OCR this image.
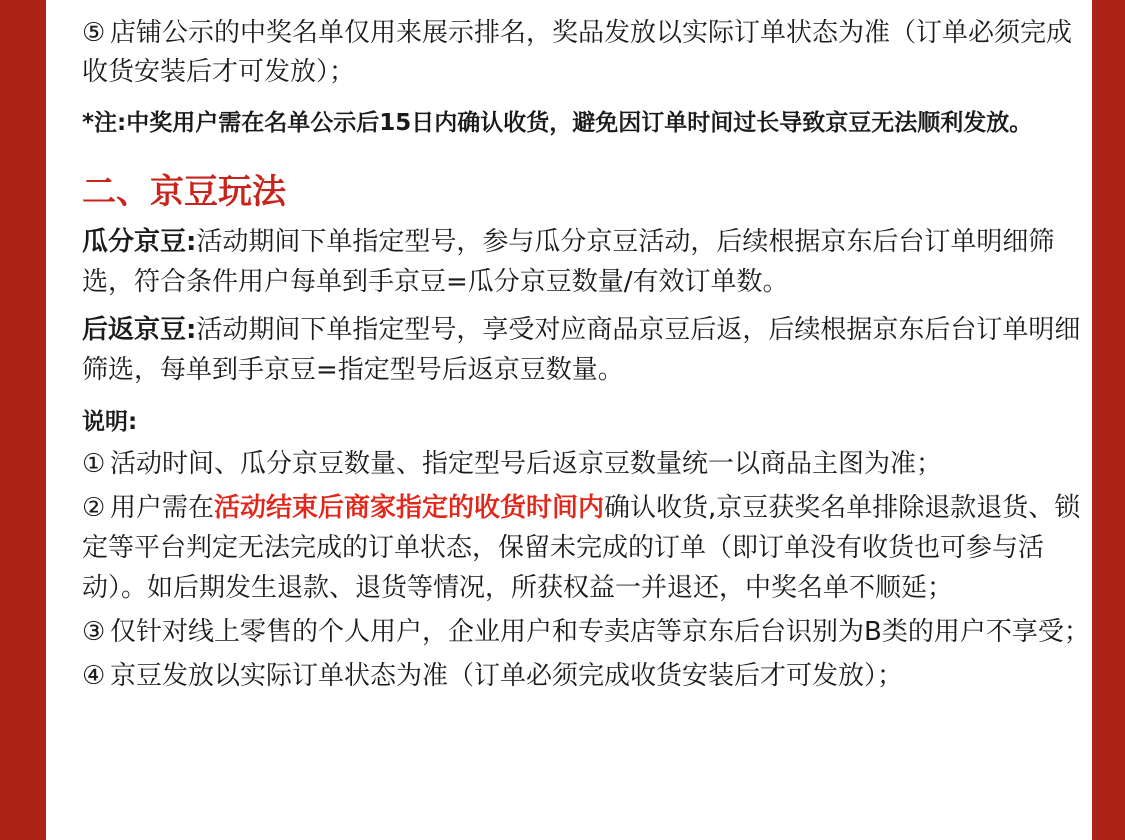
⑤ 店铺公示的中奖名单仅用来展示排名，奖品发放以实际订单状态为准（订单必须完成收货安装后才可发放）；
*注:中奖用户需在名单公示后15日内确认收货，避免因订单时间过长导致京豆无法顺利发放。
二、京豆玩法
瓜分京豆:活动期间下单指定型号，参与瓜分京豆活动，后续根据京东后台订单明细筛选，符合条件用户每单到手京豆=瓜分京豆数量/有效订单数。
后返京豆:活动期间下单指定型号，享受对应商品京豆后返，后续根据京东后台订单明细筛选，每单到手京豆=指定型号后返京豆数量。
说明:
① 活动时间、瓜分京豆数量、指定型号后返京豆数量统一以商品主图为准；
② 用户需在活动结束后商家指定的收货时间内确认收货,京豆获奖名单排除退款退货、锁定等平台判定无法完成的订单状态，保留未完成的订单（即订单没有收货也可参与活动）。如后期发生退款、退货等情况，所获权益一并退还，中奖名单不顺延；
③ 仅针对线上零售的个人用户，企业用户和专卖店等京东后台识别为B类的用户不享受；
④ 京豆发放以实际订单状态为准（订单必须完成收货安装后才可发放）；
